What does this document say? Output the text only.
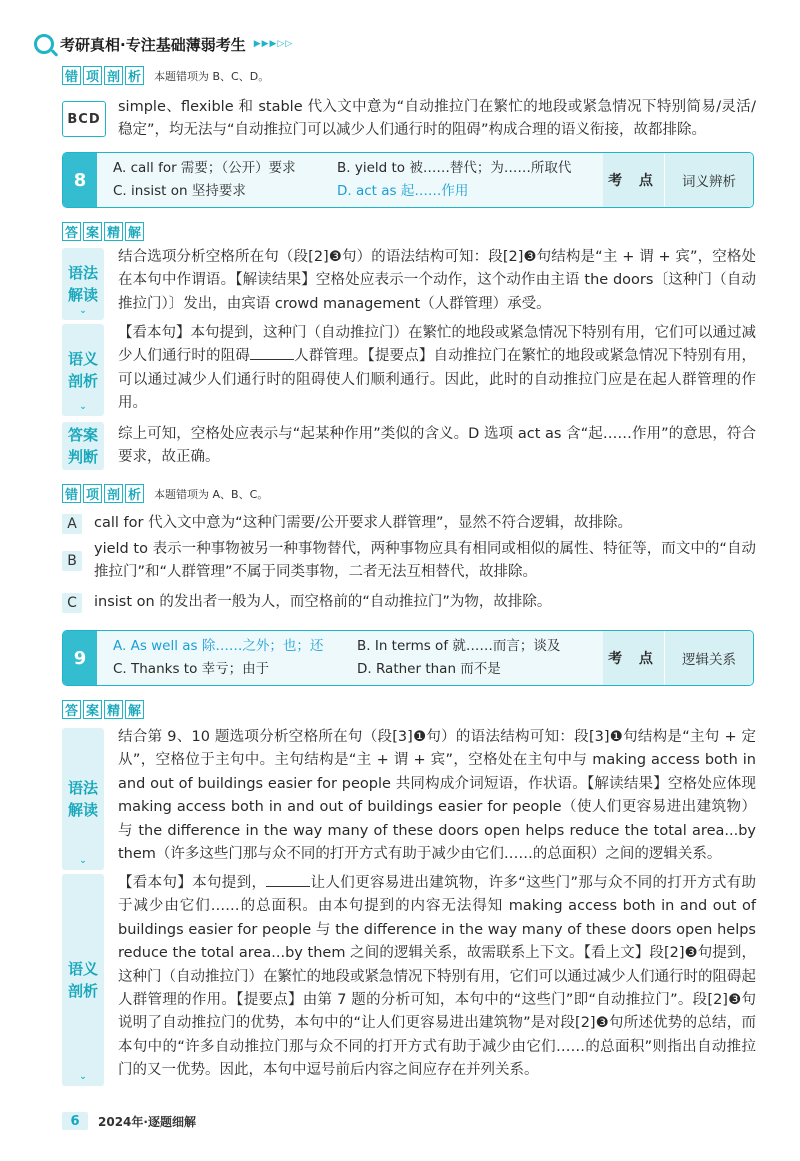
考研真相·专注基础薄弱考生 ▶▶▶▷▷
错 项 剖 析 本题错项为 B、C、D。
BCD
simple、flexible 和 stable 代入文中意为“自动推拉门在繁忙的地段或紧急情况下特别简易/灵活/稳定”，均无法与“自动推拉门可以减少人们通行时的阻碍”构成合理的语义衔接，故都排除。
8
A. call for 需要；（公开）要求	B. yield to 被……替代；为……所取代
C. insist on 坚持要求	D. act as 起……作用
考 点	词义辨析
答 案 精 解
语法
解读
⌄
结合选项分析空格所在句（段[2]❸句）的语法结构可知：段[2]❸句结构是“主 + 谓 + 宾”，空格处在本句中作谓语。【解读结果】空格处应表示一个动作，这个动作由主语 the doors〔这种门（自动推拉门）〕发出，由宾语 crowd management（人群管理）承受。
语义
剖析
⌄
【看本句】本句提到，这种门（自动推拉门）在繁忙的地段或紧急情况下特别有用，它们可以通过减少人们通行时的阻碍	人群管理。【提要点】自动推拉门在繁忙的地段或紧急情况下特别有用，可以通过减少人们通行时的阻碍使人们顺利通行。因此，此时的自动推拉门应是在起人群管理的作用。
答案
判断
综上可知，空格处应表示与“起某种作用”类似的含义。D 选项 act as 含“起……作用”的意思，符合要求，故正确。
错 项 剖 析 本题错项为 A、B、C。
A	call for 代入文中意为“这种门需要/公开要求人群管理”，显然不符合逻辑，故排除。
B
yield to 表示一种事物被另一种事物替代，两种事物应具有相同或相似的属性、特征等，而文中的“自动推拉门”和“人群管理”不属于同类事物，二者无法互相替代，故排除。
C	insist on 的发出者一般为人，而空格前的“自动推拉门”为物，故排除。
9
A. As well as 除……之外；也；还 B. In terms of 就……而言；谈及
C. Thanks to 幸亏；由于	D. Rather than 而不是
考 点	逻辑关系
答 案 精 解
语法
解读
⌄
结合第 9、10 题选项分析空格所在句（段[3]❶句）的语法结构可知：段[3]❶句结构是“主句 + 定从”，空格位于主句中。主句结构是“主 + 谓 + 宾”，空格处在主句中与 making access both in and out of buildings easier for people 共同构成介词短语，作状语。【解读结果】空格处应体现 making access both in and out of buildings easier for people（使人们更容易进出建筑物）与 the difference in the way many of these doors open helps reduce the total area...by them（许多这些门那与众不同的打开方式有助于减少由它们……的总面积）之间的逻辑关系。
语义
剖析
⌄
【看本句】本句提到，	让人们更容易进出建筑物，许多“这些门”那与众不同的打开方式有助于减少由它们……的总面积。由本句提到的内容无法得知 making access both in and out of buildings easier for people 与 the difference in the way many of these doors open helps reduce the total area...by them 之间的逻辑关系，故需联系上下文。【看上文】段[2]❸句提到，这种门（自动推拉门）在繁忙的地段或紧急情况下特别有用，它们可以通过减少人们通行时的阻碍起人群管理的作用。【提要点】由第 7 题的分析可知，本句中的“这些门”即“自动推拉门”。段[2]❸句说明了自动推拉门的优势，本句中的“让人们更容易进出建筑物”是对段[2]❸句所述优势的总结，而本句中的“许多自动推拉门那与众不同的打开方式有助于减少由它们……的总面积”则指出自动推拉门的又一优势。因此，本句中逗号前后内容之间应存在并列关系。
6	2024年·逐题细解
